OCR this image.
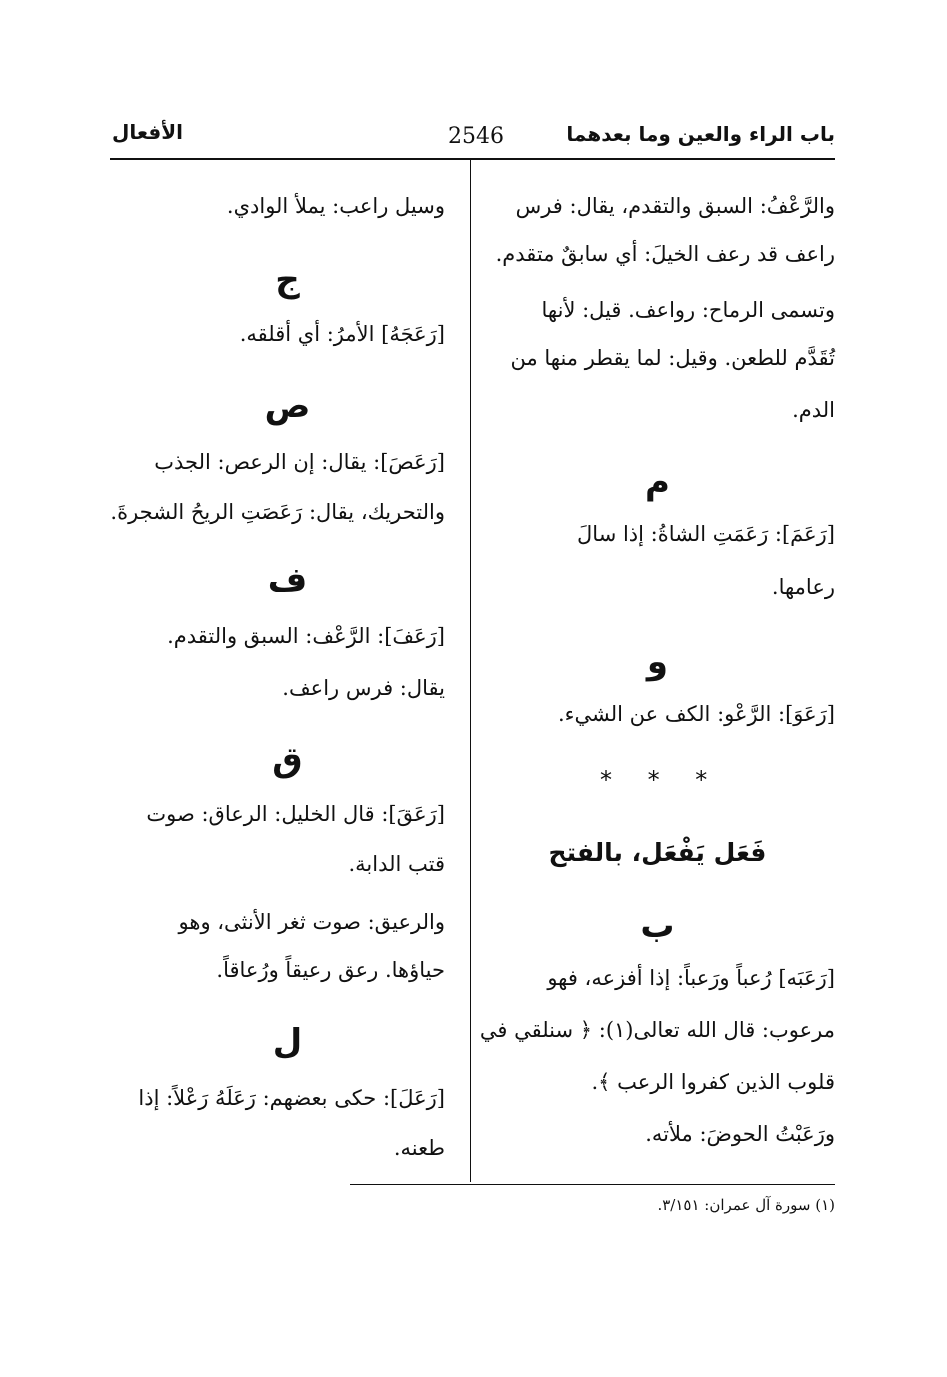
باب الراء والعين وما بعدهما
2546
الأفعال
والرَّعْفُ: السبق والتقدم، يقال: فرس
راعف قد رعف الخيلَ: أي سابقٌ متقدم.
وتسمى الرماح: رواعف. قيل: لأنها
تُقَدَّم للطعن. وقيل: لما يقطر منها من
الدم.
م
[رَعَمَ]: رَعَمَتِ الشاةُ: إذا سالَ
رعامها.
و
[رَعَوَ]: الرَّعْو: الكف عن الشيء.
* * *
فَعَل يَفْعَل، بالفتح
ب
[رَعَبَه] رُعباً ورَعباً: إذا أفزعه، فهو
مرعوب: قال الله تعالى(١): ﴿ سنلقي في
قلوب الذين كفروا الرعب ﴾.
ورَعَبْتُ الحوضَ: ملأته.
وسيل راعب: يملأ الوادي.
ج
[رَعَجَهُ] الأمرُ: أي أقلقه.
ص
[رَعَصَ]: يقال: إن الرعص: الجذب
والتحريك، يقال: رَعَصَتِ الريحُ الشجرةَ.
ف
[رَعَفَ]: الرَّعْف: السبق والتقدم.
يقال: فرس راعف.
ق
[رَعَقَ]: قال الخليل: الرعاق: صوت
قتب الدابة.
والرعيق: صوت ثغر الأنثى، وهو
حياؤها. رعق رعيقاً ورُعاقاً.
ل
[رَعَلَ]: حكى بعضهم: رَعَلَهُ رَعْلاً: إذا
طعنه.
(١) سورة آل عمران: ٣/١٥١.
